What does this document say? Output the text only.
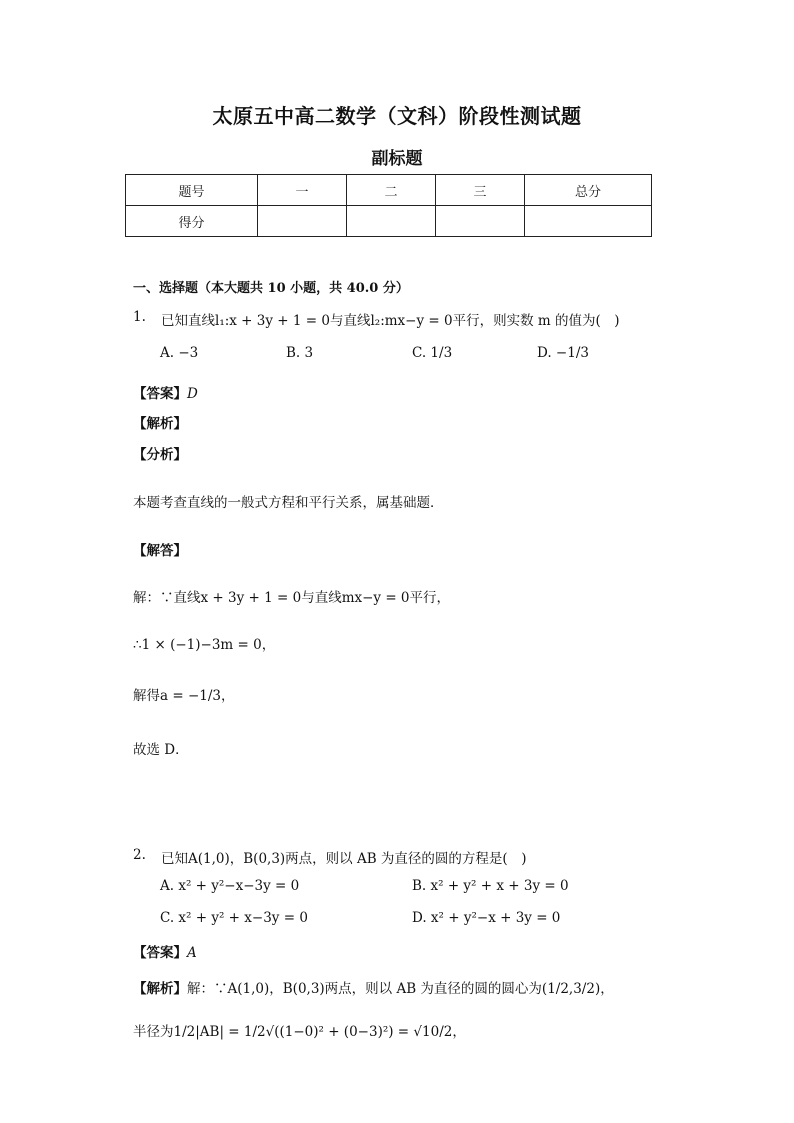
太原五中高二数学（文科）阶段性测试题
副标题
题号	一	二	三	总分
得分				
一、选择题（本大题共 10 小题，共 40.0 分）
1. 已知直线l₁:x + 3y + 1 = 0与直线l₂:mx−y = 0平行，则实数 m 的值为(　)
A. −3	B. 3	C. 1/3	D. −1/3
【答案】D
【解析】
【分析】
本题考查直线的一般式方程和平行关系，属基础题．
【解答】
解：∵直线x + 3y + 1 = 0与直线mx−y = 0平行，
∴1 × (−1)−3m = 0，
解得a = −1/3，
故选 D．
2. 已知A(1,0)，B(0,3)两点，则以 AB 为直径的圆的方程是(　)
A. x² + y²−x−3y = 0	B. x² + y² + x + 3y = 0
C. x² + y² + x−3y = 0	D. x² + y²−x + 3y = 0
【答案】A
【解析】解：∵A(1,0)，B(0,3)两点，则以 AB 为直径的圆的圆心为(1/2,3/2)，
半径为1/2|AB| = 1/2√((1−0)² + (0−3)²) = √10/2，
